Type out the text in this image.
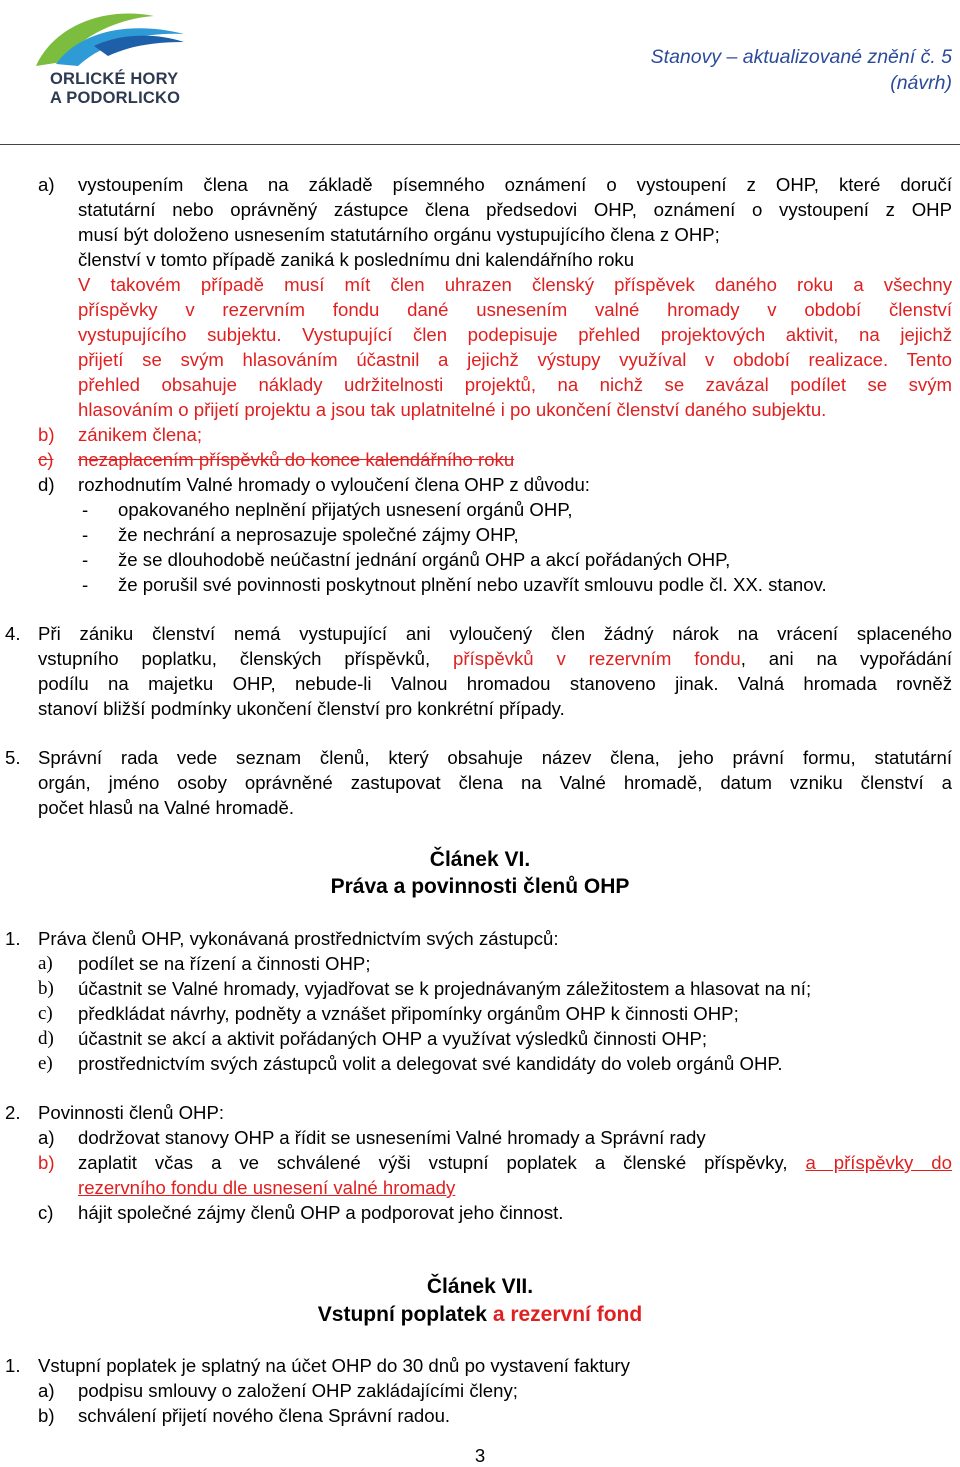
ORLICKÉ HORY
A PODORLICKO
Stanovy – aktualizované znění č. 5
(návrh)
a) vystoupením člena na základě písemného oznámení o vystoupení z OHP, které doručí
statutární nebo oprávněný zástupce člena předsedovi OHP, oznámení o vystoupení z OHP
musí být doloženo usnesením statutárního orgánu vystupujícího člena z OHP;
členství v tomto případě zaniká k poslednímu dni kalendářního roku
V takovém případě musí mít člen uhrazen členský příspěvek daného roku a všechny
příspěvky v rezervním fondu dané usnesením valné hromady v období členství
vystupujícího subjektu. Vystupující člen podepisuje přehled projektových aktivit, na jejichž
přijetí se svým hlasováním účastnil a jejichž výstupy využíval v období realizace. Tento
přehled obsahuje náklady udržitelnosti projektů, na nichž se zavázal podílet se svým
hlasováním o přijetí projektu a jsou tak uplatnitelné i po ukončení členství daného subjektu.
b) zánikem člena;
c)	nezaplacením příspěvků do konce kalendářního roku
d) rozhodnutím Valné hromady o vyloučení člena OHP z důvodu:
- opakovaného neplnění přijatých usnesení orgánů OHP,
- že nechrání a neprosazuje společné zájmy OHP,
- že se dlouhodobě neúčastní jednání orgánů OHP a akcí pořádaných OHP,
- že porušil své povinnosti poskytnout plnění nebo uzavřít smlouvu podle čl. XX. stanov.
4. Při zániku členství nemá vystupující ani vyloučený člen žádný nárok na vrácení splaceného
vstupního poplatku, členských příspěvků, příspěvků v rezervním fondu, ani na vypořádání
podílu na majetku OHP, nebude-li Valnou hromadou stanoveno jinak. Valná hromada rovněž
stanoví bližší podmínky ukončení členství pro konkrétní případy.
5. Správní rada vede seznam členů, který obsahuje název člena, jeho právní formu, statutární
orgán, jméno osoby oprávněné zastupovat člena na Valné hromadě, datum vzniku členství a
počet hlasů na Valné hromadě.
Článek VI.
Práva a povinnosti členů OHP
1. Práva členů OHP, vykonávaná prostřednictvím svých zástupců:
a) podílet se na řízení a činnosti OHP;
b) účastnit se Valné hromady, vyjadřovat se k projednávaným záležitostem a hlasovat na ní;
c) předkládat návrhy, podněty a vznášet připomínky orgánům OHP k činnosti OHP;
d) účastnit se akcí a aktivit pořádaných OHP a využívat výsledků činnosti OHP;
e) prostřednictvím svých zástupců volit a delegovat své kandidáty do voleb orgánů OHP.
2. Povinnosti členů OHP:
a) dodržovat stanovy OHP a řídit se usneseními Valné hromady a Správní rady
b) zaplatit včas a ve schválené výši vstupní poplatek a členské příspěvky, a příspěvky do
rezervního fondu dle usnesení valné hromady
c) hájit společné zájmy členů OHP a podporovat jeho činnost.
Článek VII.
Vstupní poplatek a rezervní fond
1. Vstupní poplatek je splatný na účet OHP do 30 dnů po vystavení faktury
a) podpisu smlouvy o založení OHP zakládajícími členy;
b) schválení přijetí nového člena Správní radou.
3
